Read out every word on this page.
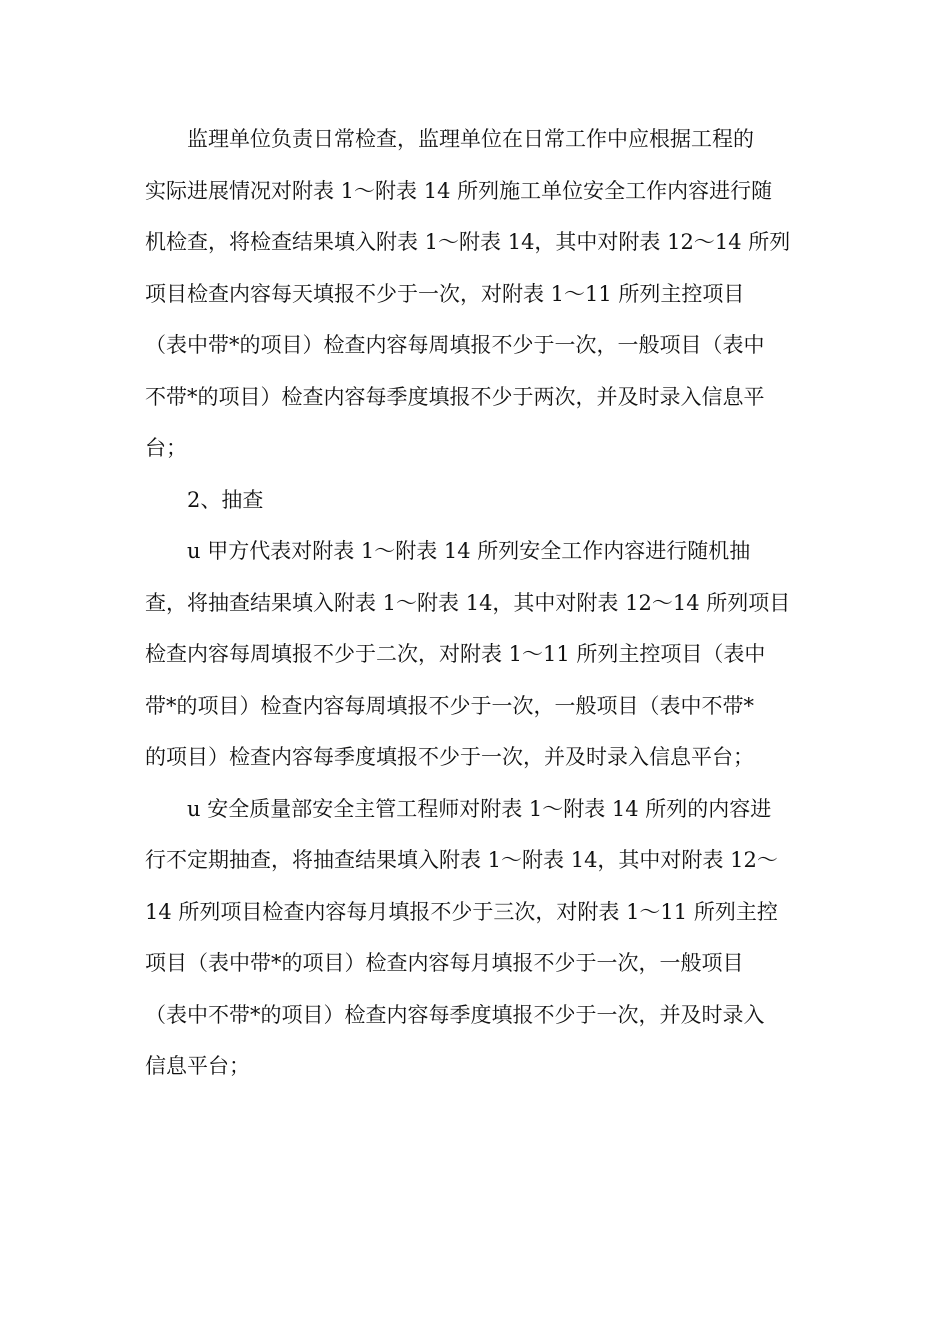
　　监理单位负责日常检查，监理单位在日常工作中应根据工程的
实际进展情况对附表 1～附表 14 所列施工单位安全工作内容进行随
机检查，将检查结果填入附表 1～附表 14，其中对附表 12～14 所列
项目检查内容每天填报不少于一次，对附表 1～11 所列主控项目
（表中带*的项目）检查内容每周填报不少于一次，一般项目（表中
不带*的项目）检查内容每季度填报不少于两次，并及时录入信息平
台；
　　2、抽查
　　u 甲方代表对附表 1～附表 14 所列安全工作内容进行随机抽
查，将抽查结果填入附表 1～附表 14，其中对附表 12～14 所列项目
检查内容每周填报不少于二次，对附表 1～11 所列主控项目（表中
带*的项目）检查内容每周填报不少于一次，一般项目（表中不带*
的项目）检查内容每季度填报不少于一次，并及时录入信息平台；
　　u 安全质量部安全主管工程师对附表 1～附表 14 所列的内容进
行不定期抽查，将抽查结果填入附表 1～附表 14，其中对附表 12～
14 所列项目检查内容每月填报不少于三次，对附表 1～11 所列主控
项目（表中带*的项目）检查内容每月填报不少于一次，一般项目
（表中不带*的项目）检查内容每季度填报不少于一次，并及时录入
信息平台；
